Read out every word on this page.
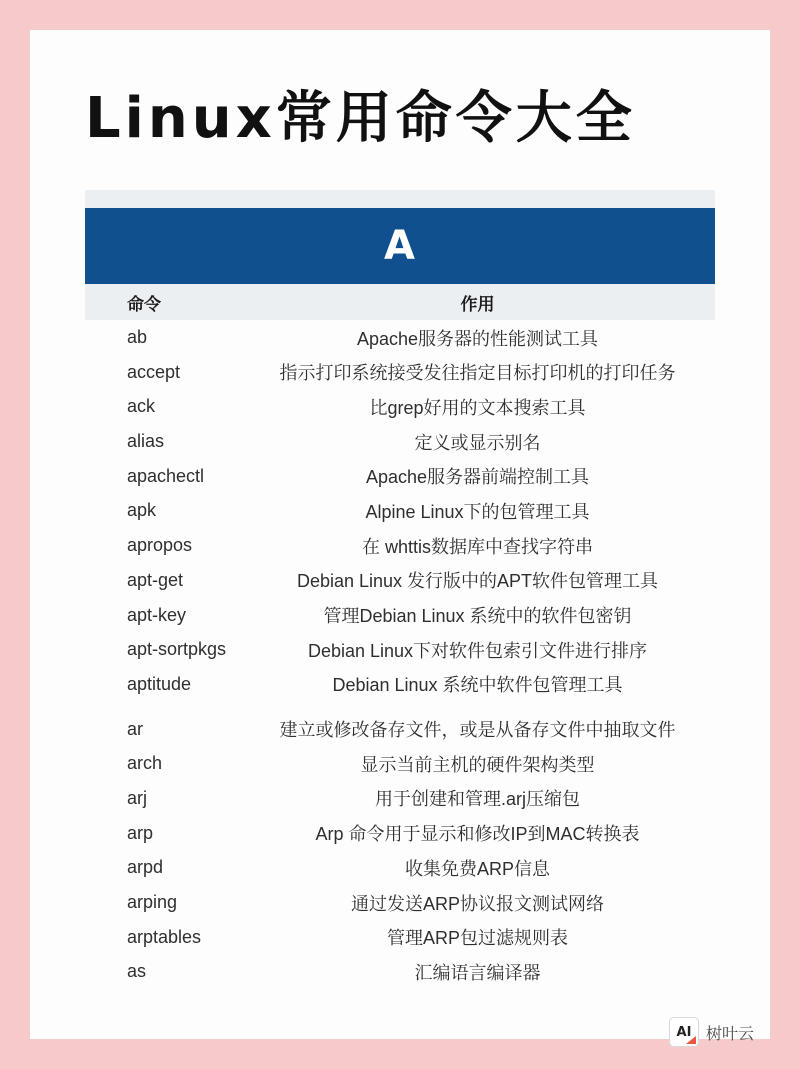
Linux常用命令大全
A
命令	作用
ab	Apache服务器的性能测试工具
accept	指示打印系统接受发往指定目标打印机的打印任务
ack	比grep好用的文本搜索工具
alias	定义或显示别名
apachectl	Apache服务器前端控制工具
apk	Alpine Linux下的包管理工具
apropos	在 whttis数据库中查找字符串
apt-get	Debian Linux 发行版中的APT软件包管理工具
apt-key	管理Debian Linux 系统中的软件包密钥
apt-sortpkgs	Debian Linux下对软件包索引文件进行排序
aptitude	Debian Linux 系统中软件包管理工具
ar	建立或修改备存文件，或是从备存文件中抽取文件
arch	显示当前主机的硬件架构类型
arj	用于创建和管理.arj压缩包
arp	Arp 命令用于显示和修改IP到MAC转换表
arpd	收集免费ARP信息
arping	通过发送ARP协议报文测试网络
arptables	管理ARP包过滤规则表
as	汇编语言编译器
AI 树叶云
